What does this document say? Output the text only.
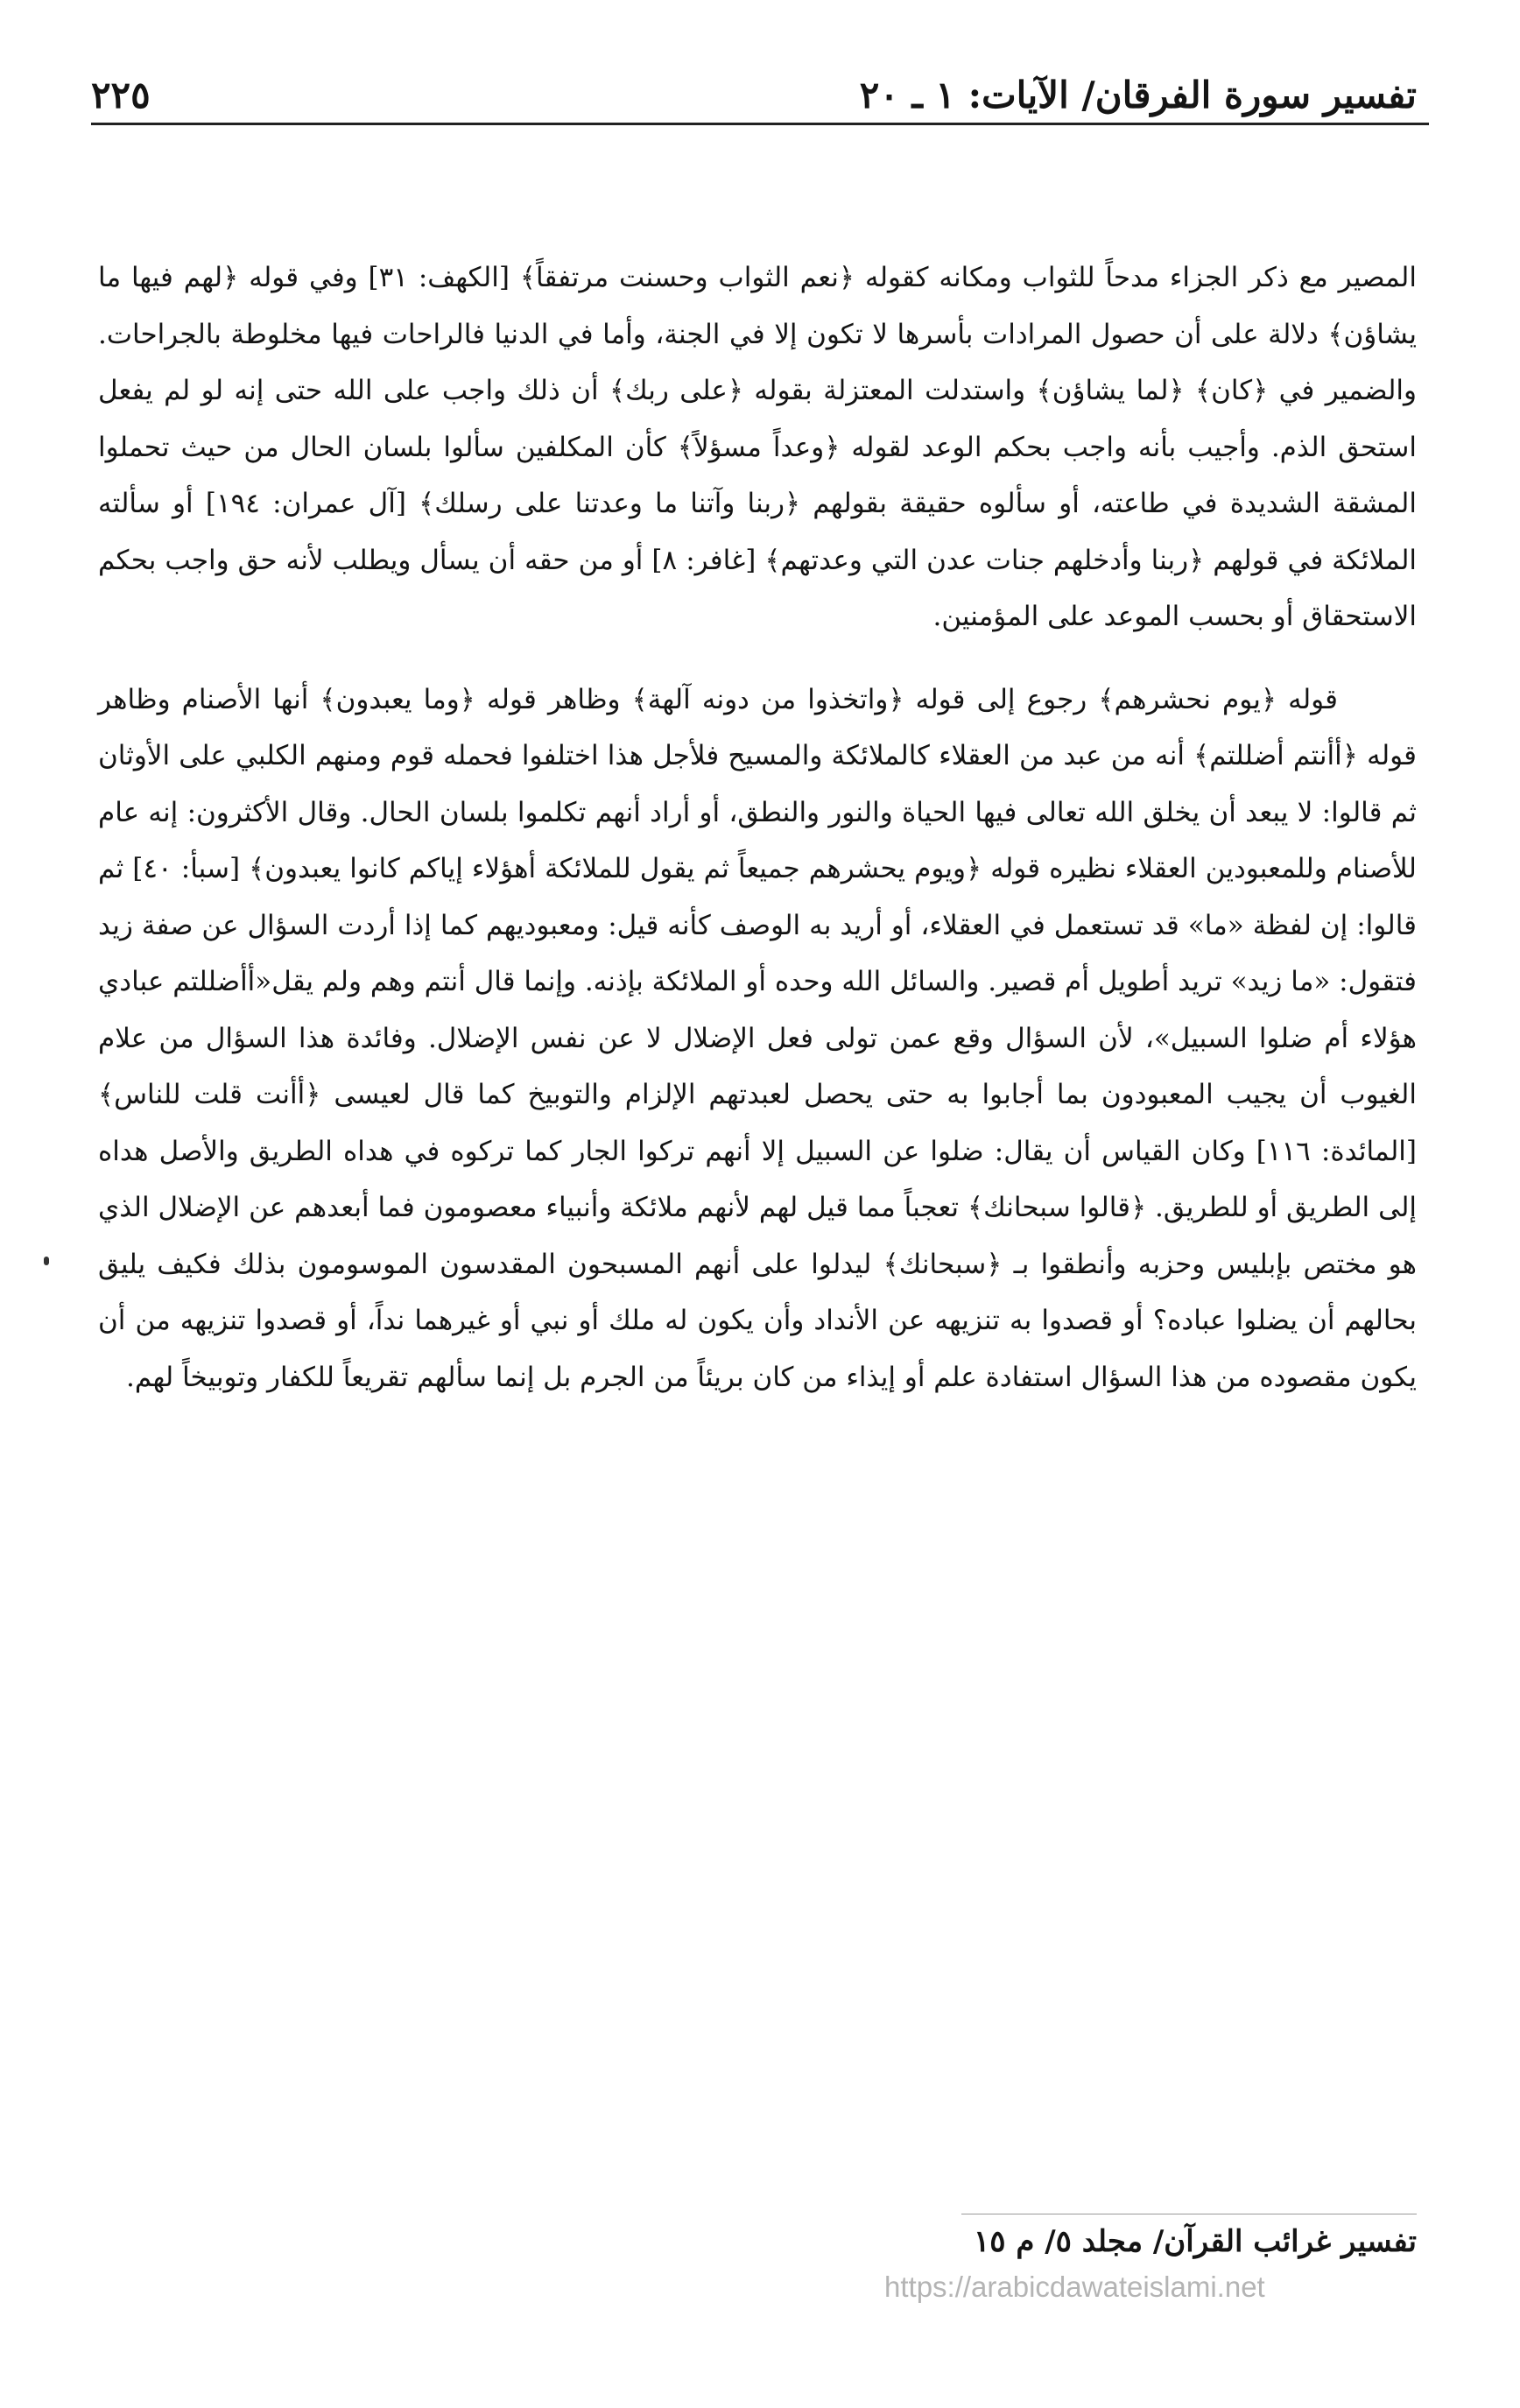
تفسير سورة الفرقان/ الآيات: ١ ـ ٢٠
٢٢٥

المصير مع ذكر الجزاء مدحاً للثواب ومكانه كقوله ﴿نعم الثواب وحسنت مرتفقاً﴾ [الكهف: ٣١] وفي قوله ﴿لهم فيها ما يشاؤن﴾ دلالة على أن حصول المرادات بأسرها لا تكون إلا في الجنة، وأما في الدنيا فالراحات فيها مخلوطة بالجراحات. والضمير في ﴿كان﴾ ﴿لما يشاؤن﴾ واستدلت المعتزلة بقوله ﴿على ربك﴾ أن ذلك واجب على الله حتى إنه لو لم يفعل استحق الذم. وأجيب بأنه واجب بحكم الوعد لقوله ﴿وعداً مسؤلاً﴾ كأن المكلفين سألوا بلسان الحال من حيث تحملوا المشقة الشديدة في طاعته، أو سألوه حقيقة بقولهم ﴿ربنا وآتنا ما وعدتنا على رسلك﴾ [آل عمران: ١٩٤] أو سألته الملائكة في قولهم ﴿ربنا وأدخلهم جنات عدن التي وعدتهم﴾ [غافر: ٨] أو من حقه أن يسأل ويطلب لأنه حق واجب بحكم الاستحقاق أو بحسب الموعد على المؤمنين.

قوله ﴿يوم نحشرهم﴾ رجوع إلى قوله ﴿واتخذوا من دونه آلهة﴾ وظاهر قوله ﴿وما يعبدون﴾ أنها الأصنام وظاهر قوله ﴿أأنتم أضللتم﴾ أنه من عبد من العقلاء كالملائكة والمسيح فلأجل هذا اختلفوا فحمله قوم ومنهم الكلبي على الأوثان ثم قالوا: لا يبعد أن يخلق الله تعالى فيها الحياة والنور والنطق، أو أراد أنهم تكلموا بلسان الحال. وقال الأكثرون: إنه عام للأصنام وللمعبودين العقلاء نظيره قوله ﴿ويوم يحشرهم جميعاً ثم يقول للملائكة أهؤلاء إياكم كانوا يعبدون﴾ [سبأ: ٤٠] ثم قالوا: إن لفظة «ما» قد تستعمل في العقلاء، أو أريد به الوصف كأنه قيل: ومعبوديهم كما إذا أردت السؤال عن صفة زيد فتقول: «ما زيد» تريد أطويل أم قصير. والسائل الله وحده أو الملائكة بإذنه. وإنما قال أنتم وهم ولم يقل«أأضللتم عبادي هؤلاء أم ضلوا السبيل»، لأن السؤال وقع عمن تولى فعل الإضلال لا عن نفس الإضلال. وفائدة هذا السؤال من علام الغيوب أن يجيب المعبودون بما أجابوا به حتى يحصل لعبدتهم الإلزام والتوبيخ كما قال لعيسى ﴿أأنت قلت للناس﴾ [المائدة: ١١٦] وكان القياس أن يقال: ضلوا عن السبيل إلا أنهم تركوا الجار كما تركوه في هداه الطريق والأصل هداه إلى الطريق أو للطريق. ﴿قالوا سبحانك﴾ تعجباً مما قيل لهم لأنهم ملائكة وأنبياء معصومون فما أبعدهم عن الإضلال الذي هو مختص بإبليس وحزبه وأنطقوا بـ ﴿سبحانك﴾ ليدلوا على أنهم المسبحون المقدسون الموسومون بذلك فكيف يليق بحالهم أن يضلوا عباده؟ أو قصدوا به تنزيهه عن الأنداد وأن يكون له ملك أو نبي أو غيرهما نداً، أو قصدوا تنزيهه من أن يكون مقصوده من هذا السؤال استفادة علم أو إيذاء من كان بريئاً من الجرم بل إنما سألهم تقريعاً للكفار وتوبيخاً لهم.

تفسير غرائب القرآن/ مجلد ٥/ م ١٥
https://arabicdawateislami.net
